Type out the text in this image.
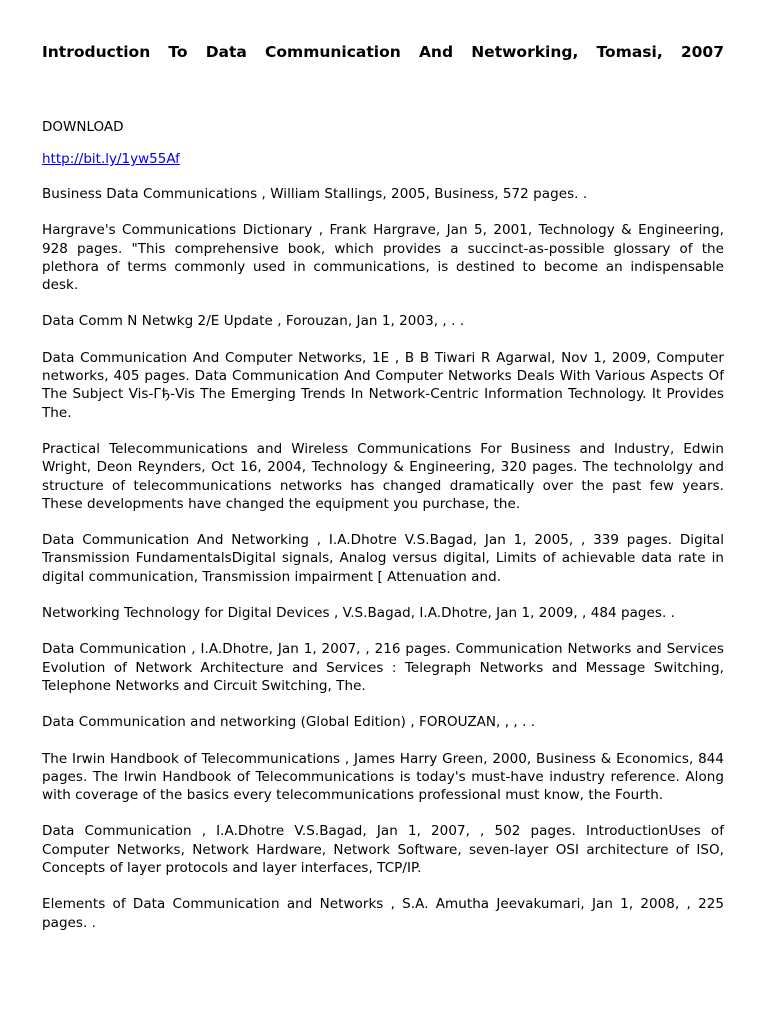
Introduction To Data Communication And Networking, Tomasi, 2007

DOWNLOAD

http://bit.ly/1yw55Af

Business Data Communications , William Stallings, 2005, Business, 572 pages. .

Hargrave's Communications Dictionary , Frank Hargrave, Jan 5, 2001, Technology & Engineering, 928 pages. "This comprehensive book, which provides a succinct-as-possible glossary of the plethora of terms commonly used in communications, is destined to become an indispensable desk.

Data Comm N Netwkg 2/E Update , Forouzan, Jan 1, 2003, , . .

Data Communication And Computer Networks, 1E , B B Tiwari R Agarwal, Nov 1, 2009, Computer networks, 405 pages. Data Communication And Computer Networks Deals With Various Aspects Of The Subject Vis-Гђ-Vis The Emerging Trends In Network-Centric Information Technology. It Provides The.

Practical Telecommunications and Wireless Communications For Business and Industry, Edwin Wright, Deon Reynders, Oct 16, 2004, Technology & Engineering, 320 pages. The technololgy and structure of telecommunications networks has changed dramatically over the past few years. These developments have changed the equipment you purchase, the.

Data Communication And Networking , I.A.Dhotre V.S.Bagad, Jan 1, 2005, , 339 pages. Digital Transmission FundamentalsDigital signals, Analog versus digital, Limits of achievable data rate in digital communication, Transmission impairment [ Attenuation and.

Networking Technology for Digital Devices , V.S.Bagad, I.A.Dhotre, Jan 1, 2009, , 484 pages. .

Data Communication , I.A.Dhotre, Jan 1, 2007, , 216 pages. Communication Networks and Services Evolution of Network Architecture and Services : Telegraph Networks and Message Switching, Telephone Networks and Circuit Switching, The.

Data Communication and networking (Global Edition) , FOROUZAN, , , . .

The Irwin Handbook of Telecommunications , James Harry Green, 2000, Business & Economics, 844 pages. The Irwin Handbook of Telecommunications is today's must-have industry reference. Along with coverage of the basics every telecommunications professional must know, the Fourth.

Data Communication , I.A.Dhotre V.S.Bagad, Jan 1, 2007, , 502 pages. IntroductionUses of Computer Networks, Network Hardware, Network Software, seven-layer OSI architecture of ISO, Concepts of layer protocols and layer interfaces, TCP/IP.

Elements of Data Communication and Networks , S.A. Amutha Jeevakumari, Jan 1, 2008, , 225 pages. .
